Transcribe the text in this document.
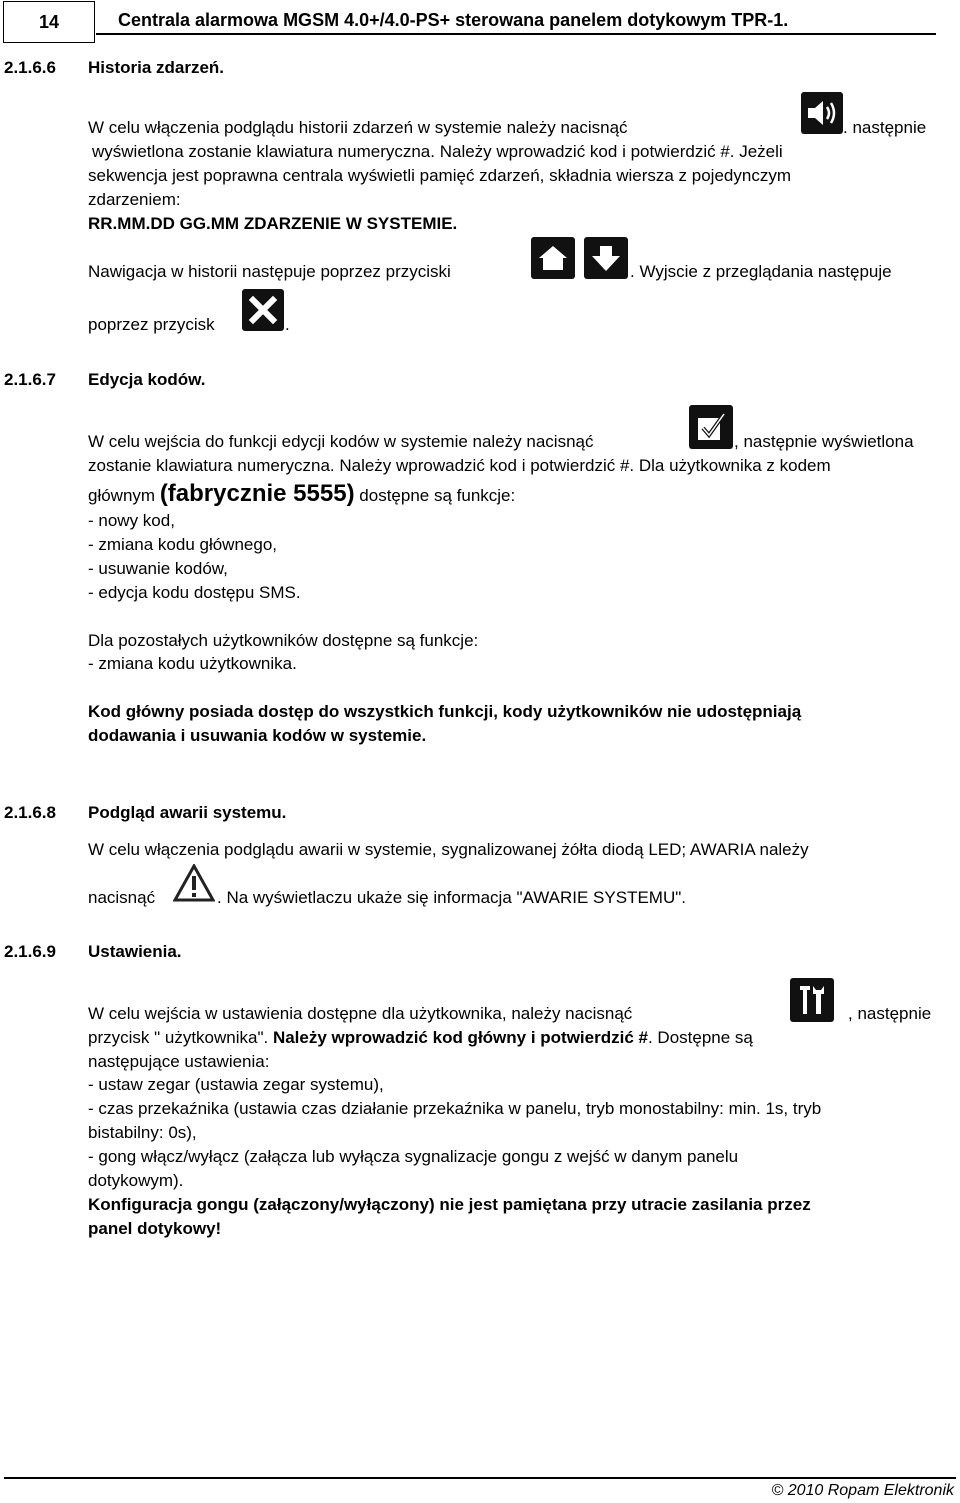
14	Centrala alarmowa MGSM 4.0+/4.0-PS+ sterowana panelem dotykowym TPR-1.
2.1.6.6 Historia zdarzeń.
W celu włączenia podglądu historii zdarzeń w systemie należy nacisnąć	. następnie
wyświetlona zostanie klawiatura numeryczna. Należy wprowadzić kod i potwierdzić #. Jeżeli
sekwencja jest poprawna centrala wyświetli pamięć zdarzeń, składnia wiersza z pojedynczym
zdarzeniem:
RR.MM.DD GG.MM ZDARZENIE W SYSTEMIE.
Nawigacja w historii następuje poprzez przyciski	. Wyjscie z przeglądania następuje
poprzez przycisk	.
2.1.6.7 Edycja kodów.
W celu wejścia do funkcji edycji kodów w systemie należy nacisnąć	, następnie wyświetlona
zostanie klawiatura numeryczna. Należy wprowadzić kod i potwierdzić #. Dla użytkownika z kodem
głównym (fabrycznie 5555) dostępne są funkcje:
- nowy kod,
- zmiana kodu głównego,
- usuwanie kodów,
- edycja kodu dostępu SMS.
Dla pozostałych użytkowników dostępne są funkcje:
- zmiana kodu użytkownika.
Kod główny posiada dostęp do wszystkich funkcji, kody użytkowników nie udostępniają
dodawania i usuwania kodów w systemie.
2.1.6.8 Podgląd awarii systemu.
W celu włączenia podglądu awarii w systemie, sygnalizowanej żółta diodą LED; AWARIA należy
nacisnąć	. Na wyświetlaczu ukaże się informacja "AWARIE SYSTEMU".
2.1.6.9 Ustawienia.
W celu wejścia w ustawienia dostępne dla użytkownika, należy nacisnąć	, następnie
przycisk " użytkownika". Należy wprowadzić kod główny i potwierdzić #. Dostępne są
następujące ustawienia:
- ustaw zegar (ustawia zegar systemu),
- czas przekaźnika (ustawia czas działanie przekaźnika w panelu, tryb monostabilny: min. 1s, tryb
bistabilny: 0s),
- gong włącz/wyłącz (załącza lub wyłącza sygnalizacje gongu z wejść w danym panelu
dotykowym).
Konfiguracja gongu (załączony/wyłączony) nie jest pamiętana przy utracie zasilania przez
panel dotykowy!
© 2010 Ropam Elektronik
